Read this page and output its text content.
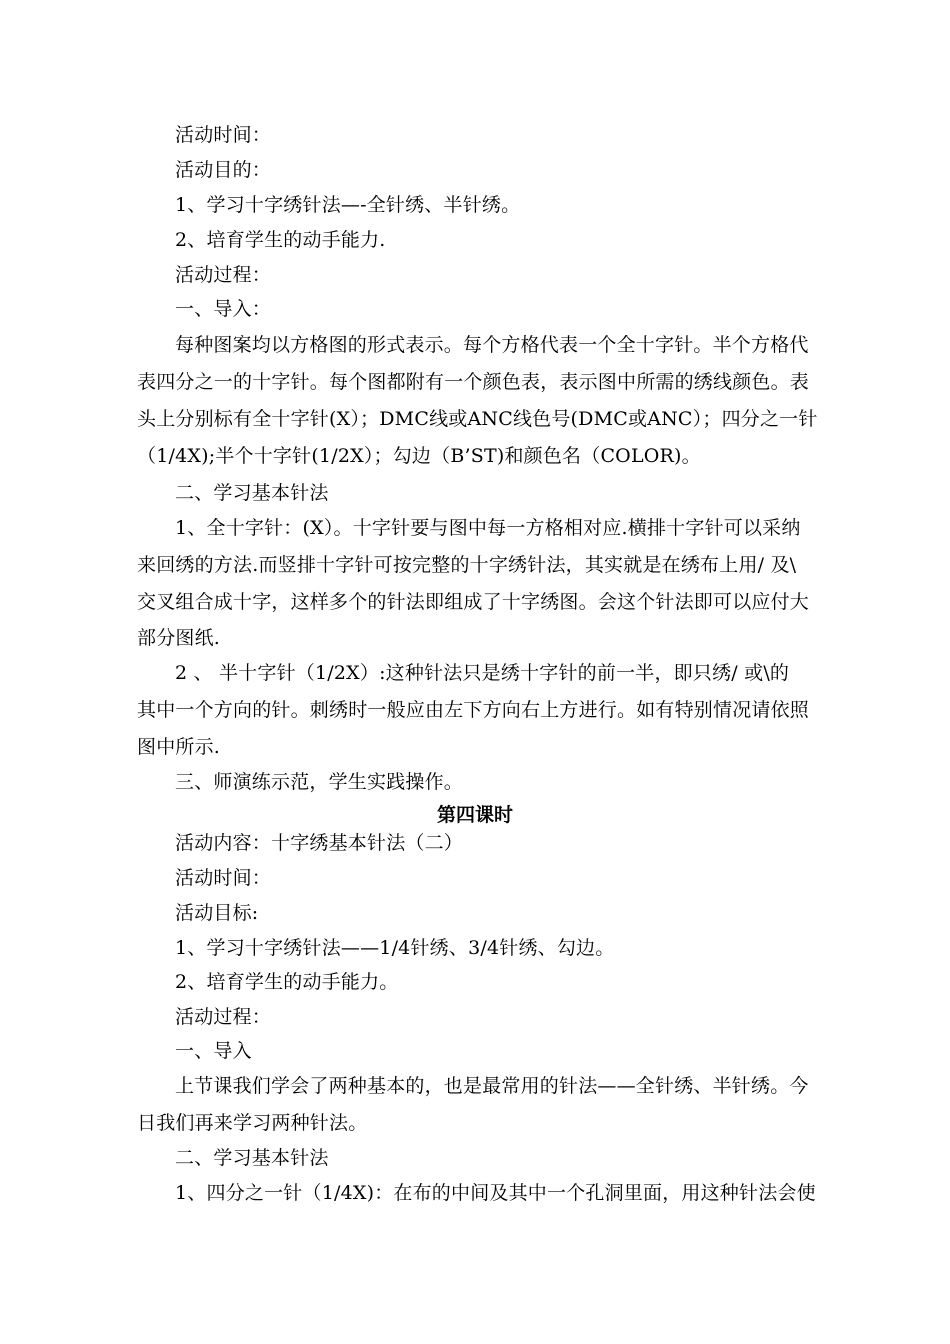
活动时间：
活动目的：
1、学习十字绣针法—-全针绣、半针绣。
2、培育学生的动手能力.
活动过程：
一、导入：
每种图案均以方格图的形式表示。每个方格代表一个全十字针。半个方格代
表四分之一的十字针。每个图都附有一个颜色表，表示图中所需的绣线颜色。表
头上分别标有全十字针(X）；DMC线或ANC线色号(DMC或ANC）；四分之一针
（1/4X);半个十字针(1/2X）；勾边（B’ST)和颜色名（COLOR)。
二、学习基本针法
1、全十字针：(X）。十字针要与图中每一方格相对应.横排十字针可以采纳
来回绣的方法.而竖排十字针可按完整的十字绣针法，其实就是在绣布上用/ 及\
交叉组合成十字，这样多个的针法即组成了十字绣图。会这个针法即可以应付大
部分图纸.
2 、 半十字针（1/2X）:这种针法只是绣十字针的前一半，即只绣/ 或\的
其中一个方向的针。刺绣时一般应由左下方向右上方进行。如有特别情况请依照
图中所示.
三、师演练示范，学生实践操作。
第四课时
活动内容：十字绣基本针法（二）
活动时间：
活动目标:
1、学习十字绣针法——1/4针绣、3/4针绣、勾边。
2、培育学生的动手能力。
活动过程：
一、导入
上节课我们学会了两种基本的，也是最常用的针法——全针绣、半针绣。今
日我们再来学习两种针法。
二、学习基本针法
1、四分之一针（1/4X)：在布的中间及其中一个孔洞里面，用这种针法会使
